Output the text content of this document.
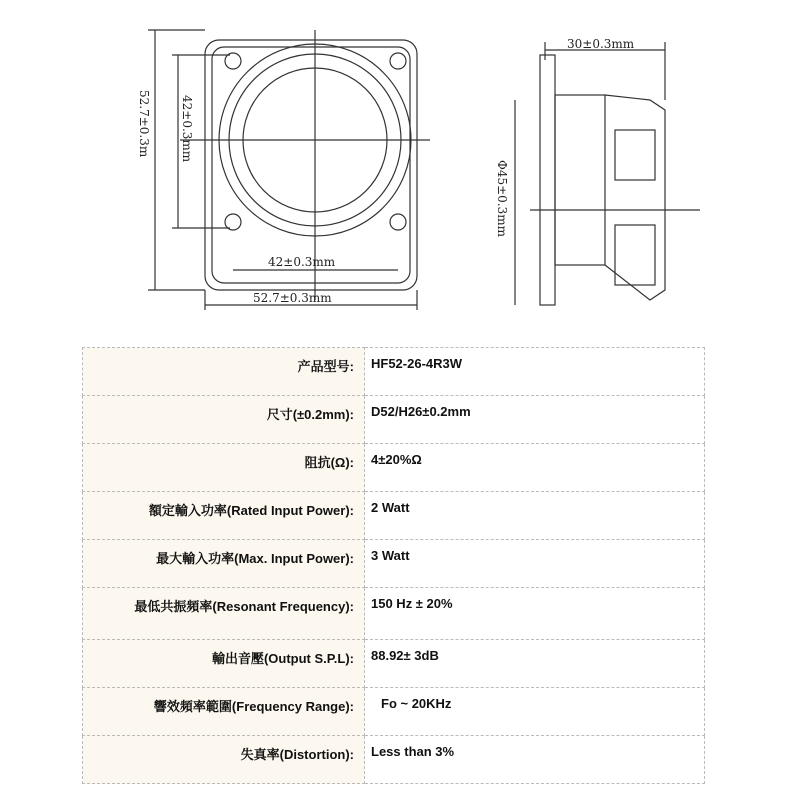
52.7±0.3m 42±0.3mm
42±0.3mm
52.7±0.3mm
30±0.3mm
Φ45±0.3mm
产品型号:	HF52-26-4R3W
尺寸(±0.2mm):	D52/H26±0.2mm
阻抗(Ω):	4±20%Ω
額定輸入功率(Rated Input Power):	2 Watt
最大輸入功率(Max. Input Power):	3 Watt
最低共振頻率(Resonant Frequency):	150 Hz ± 20%
輸出音壓(Output S.P.L):	88.92± 3dB
響效頻率範圍(Frequency Range):	Fo ~ 20KHz
失真率(Distortion):	Less than 3%
